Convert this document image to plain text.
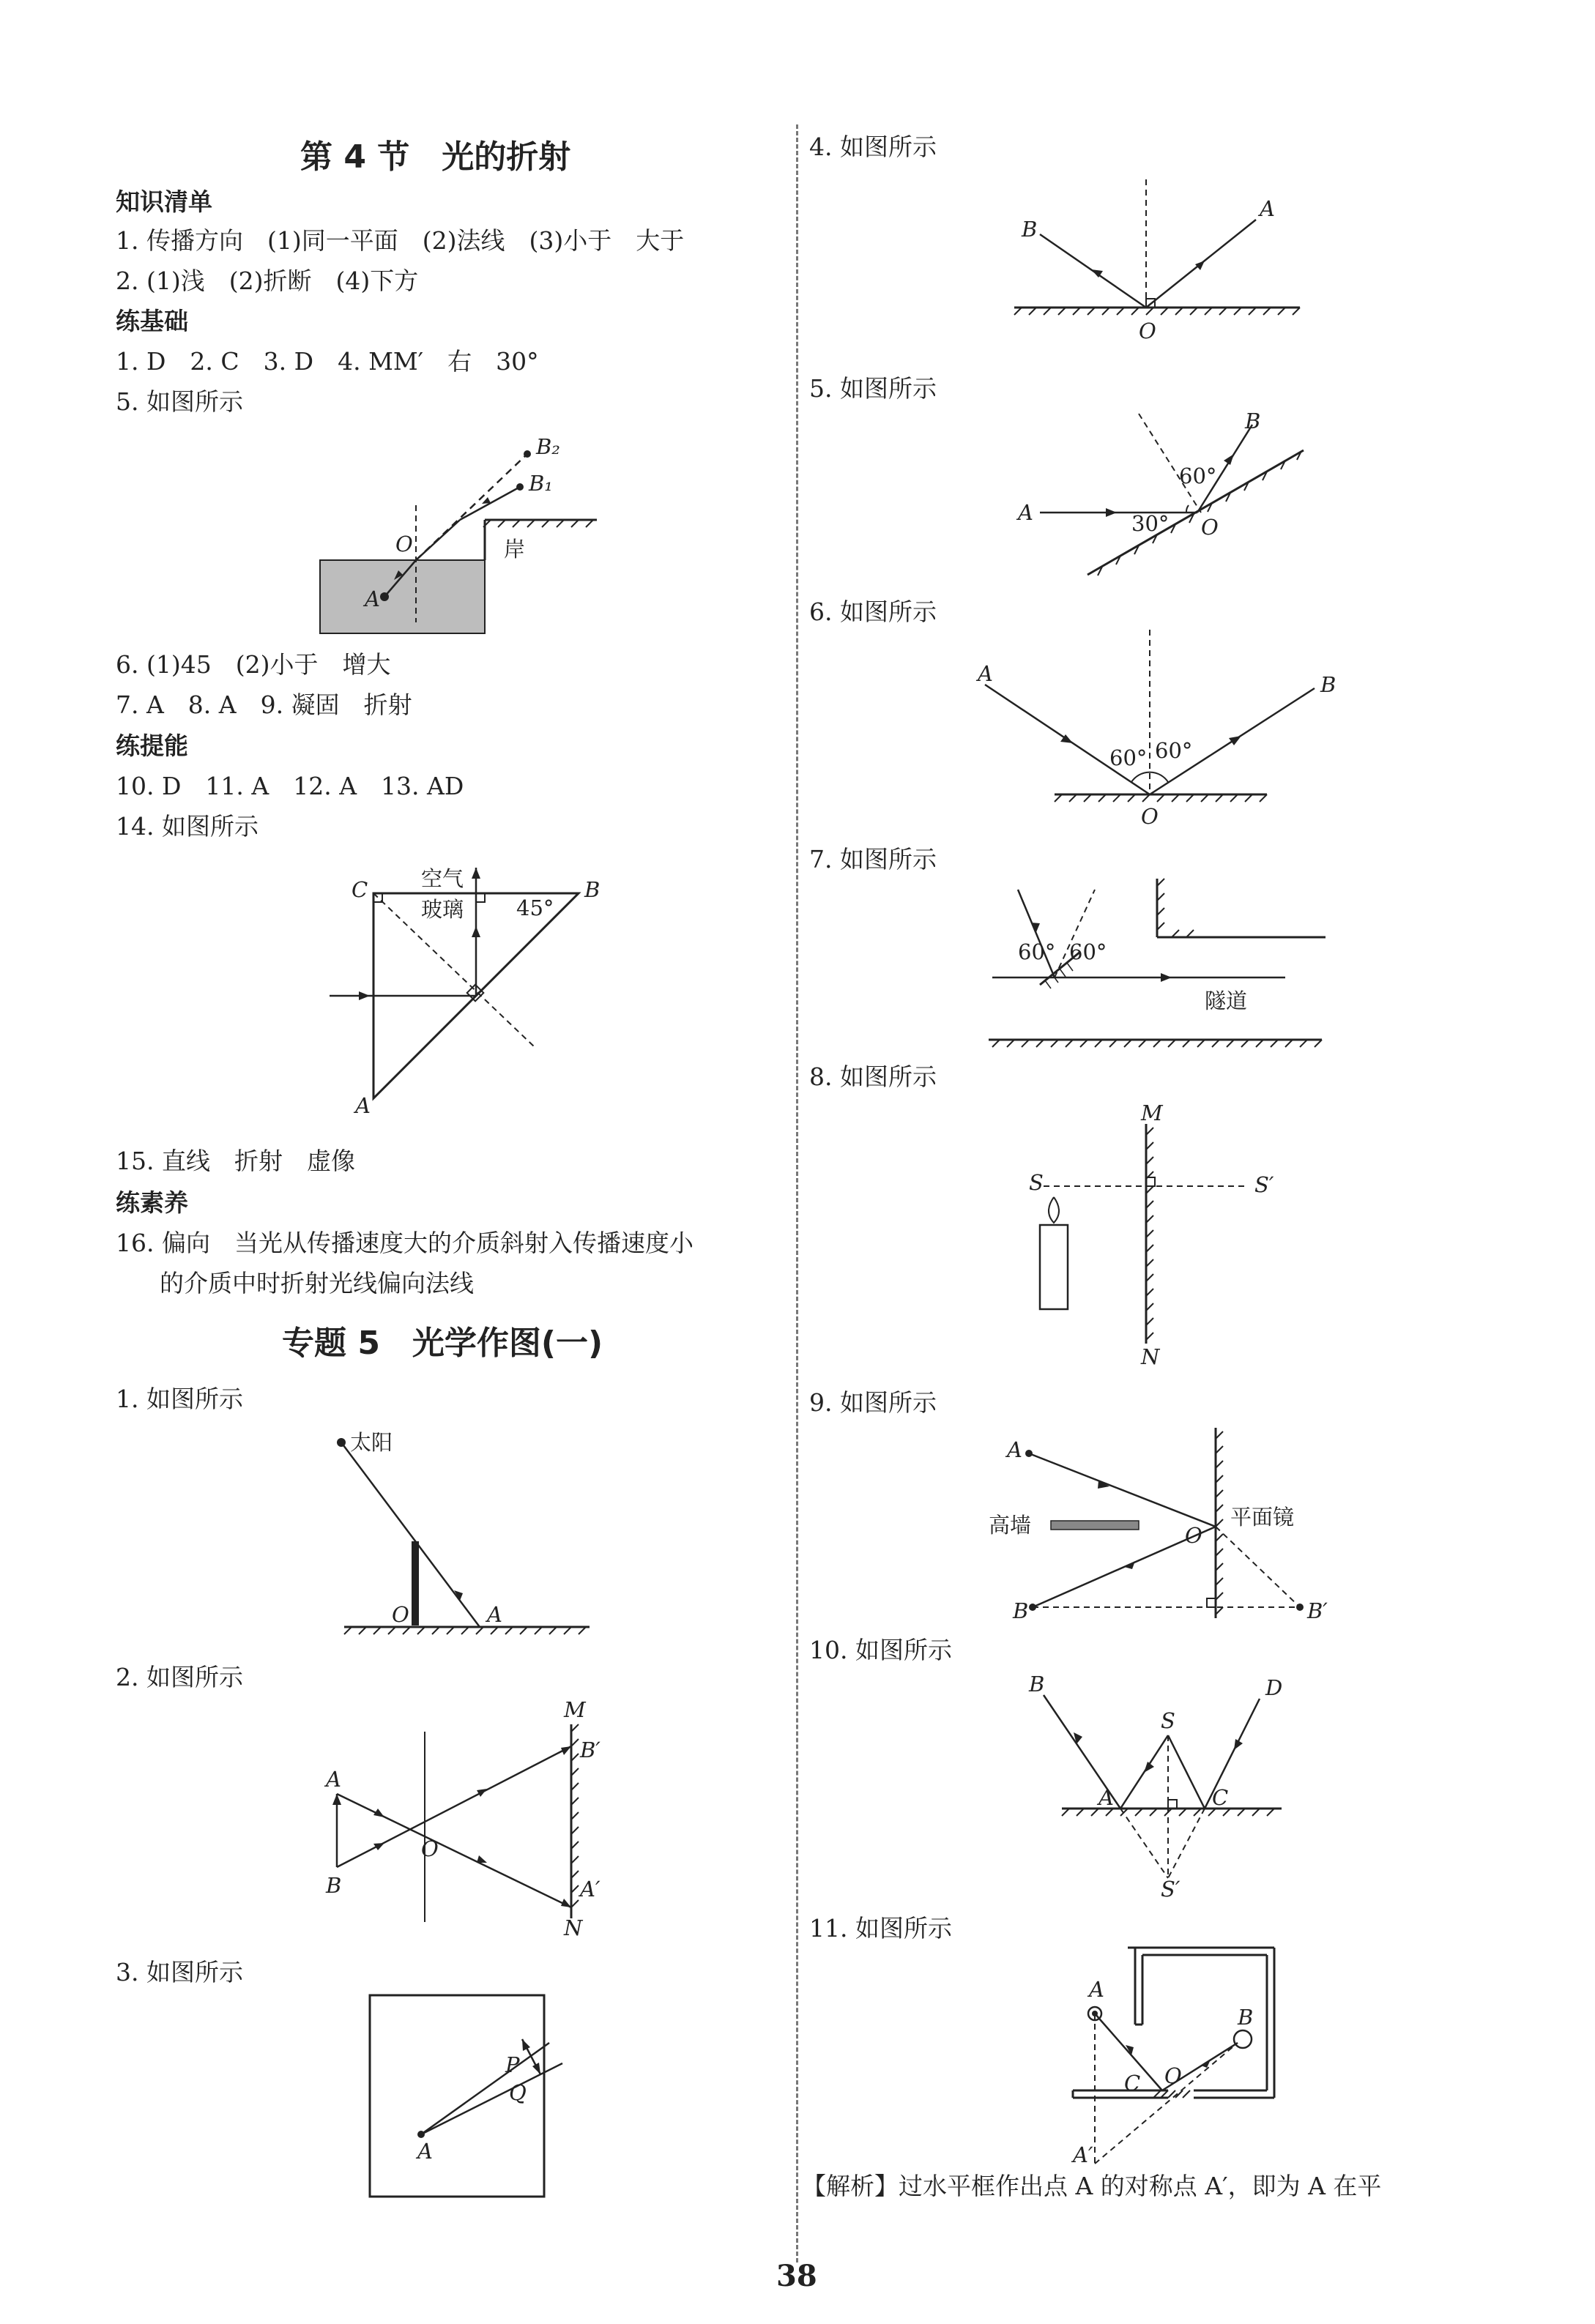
第 4 节　光的折射
知识清单
1. 传播方向　(1)同一平面　(2)法线　(3)小于　大于
2. (1)浅　(2)折断　(4)下方
练基础
1. D　2. C　3. D　4. MM′　右　30°
5. 如图所示
B₂
B₁
O
A
岸
6. (1)45　(2)小于　增大
7. A　8. A　9. 凝固　折射
练提能
10. D　11. A　12. A　13. AD
14. 如图所示
C	B
A
空气
玻璃 45°
15. 直线　折射　虚像
练素养
16. 偏向　当光从传播速度大的介质斜射入传播速度小
的介质中时折射光线偏向法线
专题 5　光学作图(一)
1. 如图所示
太阳
O	A
2. 如图所示
M
A
B
O
B′
A′
N
3. 如图所示
P
Q
A
4. 如图所示
B
A
O
5. 如图所示
A
B
O
60°
30°
6. 如图所示
A	B
O
60° 60°
7. 如图所示
60° 60°
隧道
8. 如图所示
M
S	S′
N
9. 如图所示
A
高墙	平面镜
O
B	B′
10. 如图所示
B	D
S
A	C
S′
11. 如图所示
A
B
C O
A′
【解析】过水平框作出点 A 的对称点 A′，即为 A 在平
38
